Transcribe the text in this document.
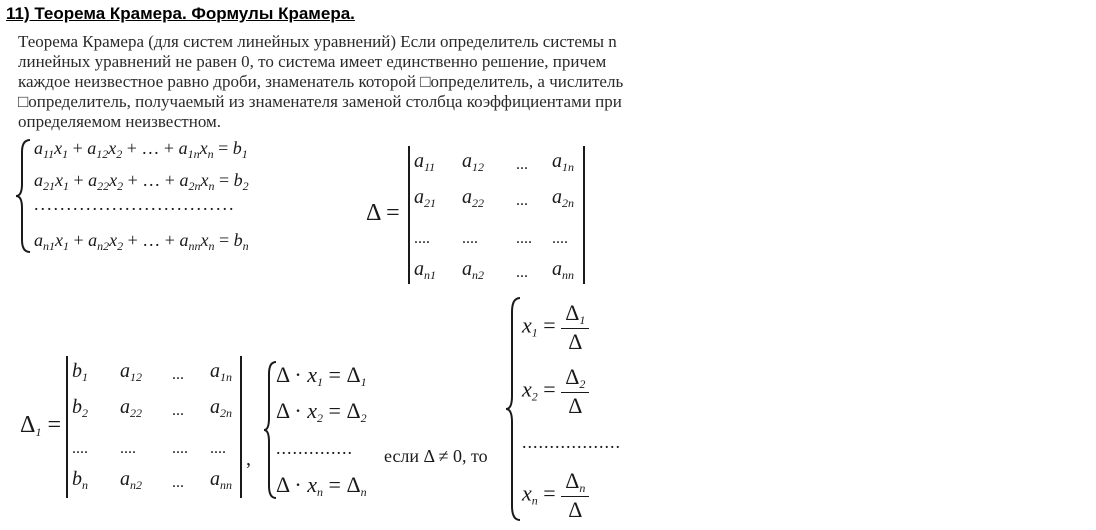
11) Теорема Крамера. Формулы Крамера.
Теорема Крамера (для систем линейных уравнений) Если определитель системы n
линейных уравнений не равен 0, то система имеет единственно решение, причем
каждое неизвестное равно дроби, знаменатель которой □определитель, а числитель
□определитель, получаемый из знаменателя заменой столбца коэффициентами при
определяемом неизвестном.
$a_{11}x_1 + a_{12}x_2$ + … + $a_{1n}x_n = b_1$
$a_{21}x_1 + a_{22}x_2$ + … + $a_{2n}x_n = b_2$
...............................
$a_{n1}x_1 + a_{n2}x_2$ + … + $a_{nn}x_n = b_n$
Δ =
$a_{11}$ $a_{12}$ ... $a_{1n}$
$a_{21}$ $a_{22}$ ... $a_{2n}$
.... .... .... ....
$a_{n1}$ $a_{n2}$ ... $a_{nn}$
$\Delta_1$ =
$b_1$ $a_{12}$ ... $a_{1n}$
$b_2$ $a_{22}$ ... $a_{2n}$
.... .... .... ....
$b_n$ $a_{n2}$ ... $a_{nn}$
,
$\Delta \cdot x_1 = \Delta_1$
$\Delta \cdot x_2 = \Delta_2$
..............
$\Delta \cdot x_n = \Delta_n$
если Δ ≠ 0, то
$x_1 = \frac{\Delta_1}{\Delta}$
$x_2 = \frac{\Delta_2}{\Delta}$
..................
$x_n = \frac{\Delta_n}{\Delta}$
